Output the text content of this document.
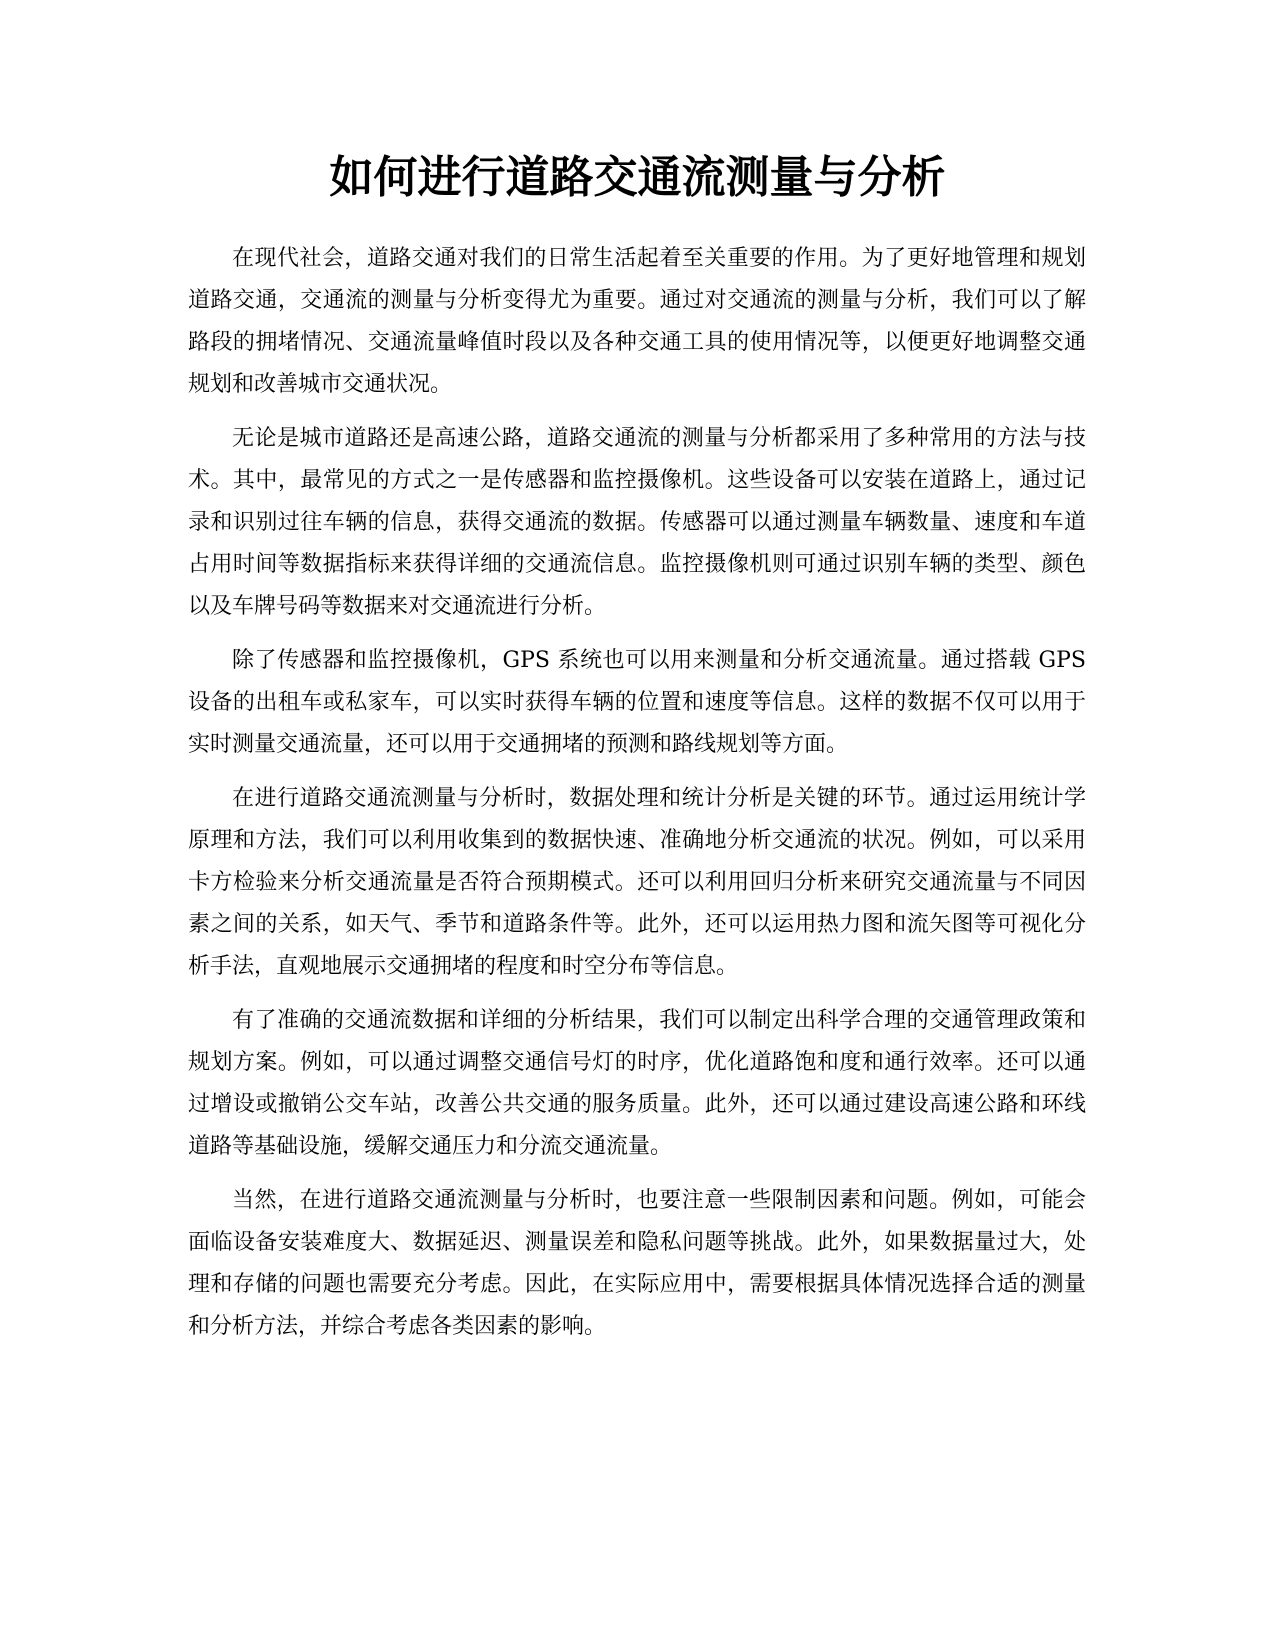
如何进行道路交通流测量与分析

在现代社会，道路交通对我们的日常生活起着至关重要的作用。为了更好地管理和规划道路交通，交通流的测量与分析变得尤为重要。通过对交通流的测量与分析，我们可以了解路段的拥堵情况、交通流量峰值时段以及各种交通工具的使用情况等，以便更好地调整交通规划和改善城市交通状况。

无论是城市道路还是高速公路，道路交通流的测量与分析都采用了多种常用的方法与技术。其中，最常见的方式之一是传感器和监控摄像机。这些设备可以安装在道路上，通过记录和识别过往车辆的信息，获得交通流的数据。传感器可以通过测量车辆数量、速度和车道占用时间等数据指标来获得详细的交通流信息。监控摄像机则可通过识别车辆的类型、颜色以及车牌号码等数据来对交通流进行分析。

除了传感器和监控摄像机，GPS 系统也可以用来测量和分析交通流量。通过搭载 GPS 设备的出租车或私家车，可以实时获得车辆的位置和速度等信息。这样的数据不仅可以用于实时测量交通流量，还可以用于交通拥堵的预测和路线规划等方面。

在进行道路交通流测量与分析时，数据处理和统计分析是关键的环节。通过运用统计学原理和方法，我们可以利用收集到的数据快速、准确地分析交通流的状况。例如，可以采用卡方检验来分析交通流量是否符合预期模式。还可以利用回归分析来研究交通流量与不同因素之间的关系，如天气、季节和道路条件等。此外，还可以运用热力图和流矢图等可视化分析手法，直观地展示交通拥堵的程度和时空分布等信息。

有了准确的交通流数据和详细的分析结果，我们可以制定出科学合理的交通管理政策和规划方案。例如，可以通过调整交通信号灯的时序，优化道路饱和度和通行效率。还可以通过增设或撤销公交车站，改善公共交通的服务质量。此外，还可以通过建设高速公路和环线道路等基础设施，缓解交通压力和分流交通流量。

当然，在进行道路交通流测量与分析时，也要注意一些限制因素和问题。例如，可能会面临设备安装难度大、数据延迟、测量误差和隐私问题等挑战。此外，如果数据量过大，处理和存储的问题也需要充分考虑。因此，在实际应用中，需要根据具体情况选择合适的测量和分析方法，并综合考虑各类因素的影响。
